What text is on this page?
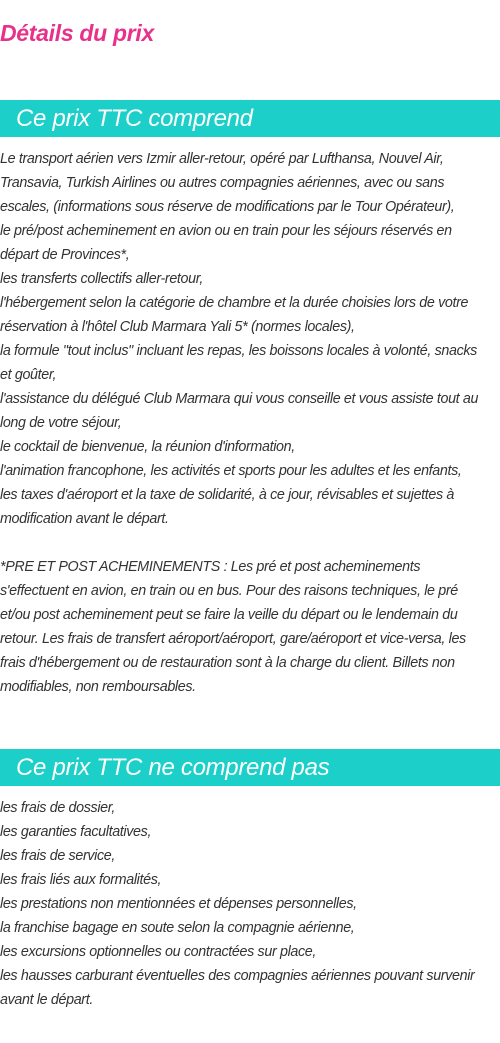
Détails du prix
Ce prix TTC comprend
Le transport aérien vers Izmir aller-retour, opéré par Lufthansa, Nouvel Air,
Transavia, Turkish Airlines ou autres compagnies aériennes, avec ou sans
escales, (informations sous réserve de modifications par le Tour Opérateur),
le pré/post acheminement en avion ou en train pour les séjours réservés en
départ de Provinces*,
les transferts collectifs aller-retour,
l'hébergement selon la catégorie de chambre et la durée choisies lors de votre
réservation à l'hôtel Club Marmara Yali 5* (normes locales),
la formule "tout inclus" incluant les repas, les boissons locales à volonté, snacks
et goûter,
l'assistance du délégué Club Marmara qui vous conseille et vous assiste tout au
long de votre séjour,
le cocktail de bienvenue, la réunion d'information,
l'animation francophone, les activités et sports pour les adultes et les enfants,
les taxes d'aéroport et la taxe de solidarité, à ce jour, révisables et sujettes à
modification avant le départ.
*PRE ET POST ACHEMINEMENTS : Les pré et post acheminements
s'effectuent en avion, en train ou en bus. Pour des raisons techniques, le pré
et/ou post acheminement peut se faire la veille du départ ou le lendemain du
retour. Les frais de transfert aéroport/aéroport, gare/aéroport et vice-versa, les
frais d'hébergement ou de restauration sont à la charge du client. Billets non
modifiables, non remboursables.
Ce prix TTC ne comprend pas
les frais de dossier,
les garanties facultatives,
les frais de service,
les frais liés aux formalités,
les prestations non mentionnées et dépenses personnelles,
la franchise bagage en soute selon la compagnie aérienne,
les excursions optionnelles ou contractées sur place,
les hausses carburant éventuelles des compagnies aériennes pouvant survenir
avant le départ.
